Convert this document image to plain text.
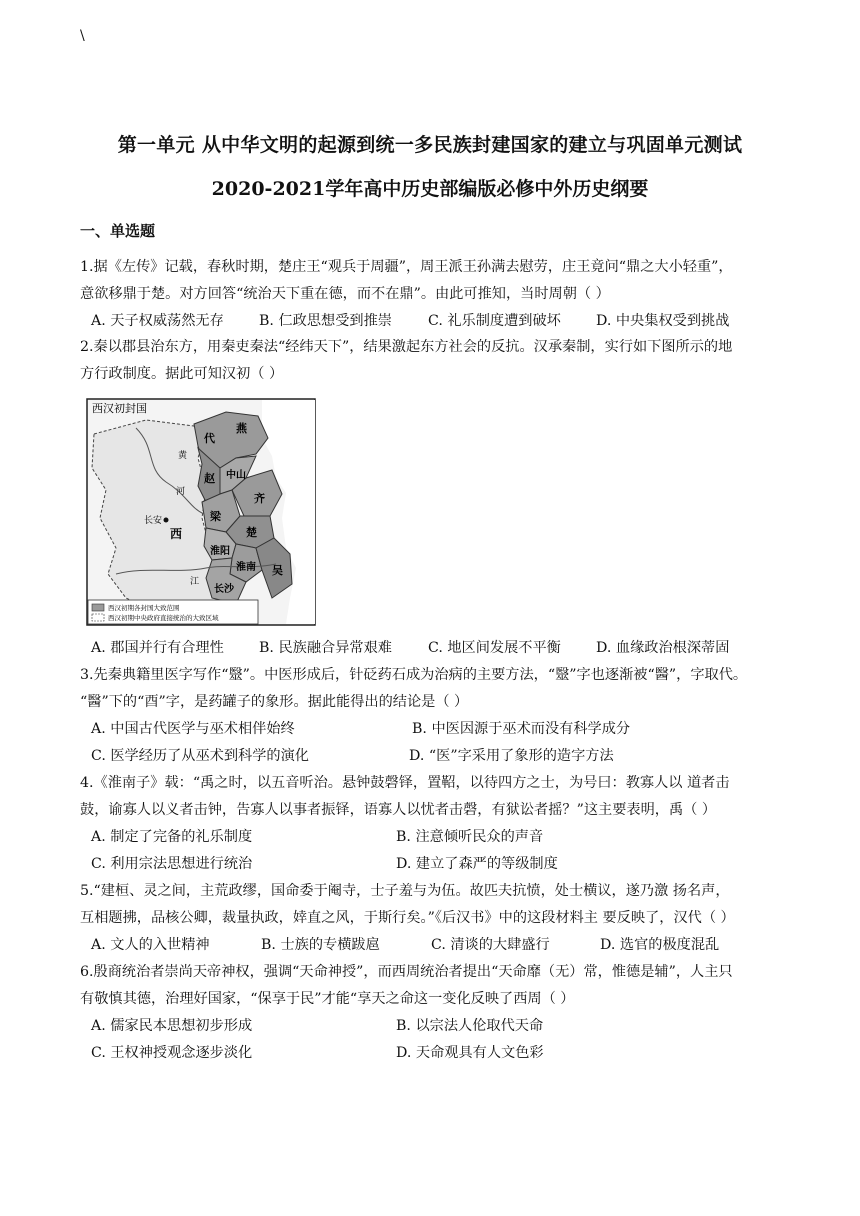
\
第一单元 从中华文明的起源到统一多民族封建国家的建立与巩固单元测试
2020-2021学年高中历史部编版必修中外历史纲要
一、单选题
1.据《左传》记载，春秋时期，楚庄王“观兵于周疆”，周王派王孙满去慰劳，庄王竟问“鼎之大小轻重”，
意欲移鼎于楚。对方回答“统治天下重在德，而不在鼎”。由此可推知，当时周朝（ ）
A. 天子权威荡然无存 B. 仁政思想受到推崇	C. 礼乐制度遭到破坏 D. 中央集权受到挑战
2.秦以郡县治东方，用秦吏秦法“经纬天下”，结果激起东方社会的反抗。汉承秦制，实行如下图所示的地
方行政制度。据此可知汉初（ ）
西汉初封国
代
燕
赵 中山
齐
梁
楚
淮阳
淮南 吴
长沙
长安
西
黄
河
江
西汉初期各封国大致范围
西汉初期中央政府直接统治的大致区域
A. 郡国并行有合理性 B. 民族融合异常艰难	C. 地区间发展不平衡 D. 血缘政治根深蒂固
3.先秦典籍里医字写作“毉”。中医形成后，针砭药石成为治病的主要方法，“毉”字也逐渐被“醫”，字取代。
“醫”下的“酉”字，是药罐子的象形。据此能得出的结论是（ ）
A. 中国古代医学与巫术相伴始终	B. 中医因源于巫术而没有科学成分
C. 医学经历了从巫术到科学的演化	D. “医”字采用了象形的造字方法
4.《淮南子》载：“禹之时，以五音听治。悬钟鼓磬铎，置鞀，以待四方之士，为号曰：教寡人以 道者击
鼓，谕寡人以义者击钟，告寡人以事者振铎，语寡人以忧者击磬，有狱讼者摇？”这主要表明，禹（ ）
A. 制定了完备的礼乐制度	B. 注意倾听民众的声音
C. 利用宗法思想进行统治	D. 建立了森严的等级制度
5.“建桓、灵之间，主荒政缪，国命委于阉寺，士子羞与为伍。故匹夫抗愤，处士横议，遂乃激 扬名声，
互相题拂，品核公卿，裁量执政，婞直之风，于斯行矣。”《后汉书》中的这段材料主 要反映了，汉代（ ）
A. 文人的入世精神	B. 士族的专横跋扈	C. 清谈的大肆盛行	D. 选官的极度混乱
6.殷商统治者崇尚天帝神权，强调“天命神授”，而西周统治者提出“天命靡（无）常，惟德是辅”，人主只
有敬慎其德，治理好国家，“保享于民”才能“享天之命这一变化反映了西周（ ）
A. 儒家民本思想初步形成	B. 以宗法人伦取代天命
C. 王权神授观念逐步淡化	D. 天命观具有人文色彩
